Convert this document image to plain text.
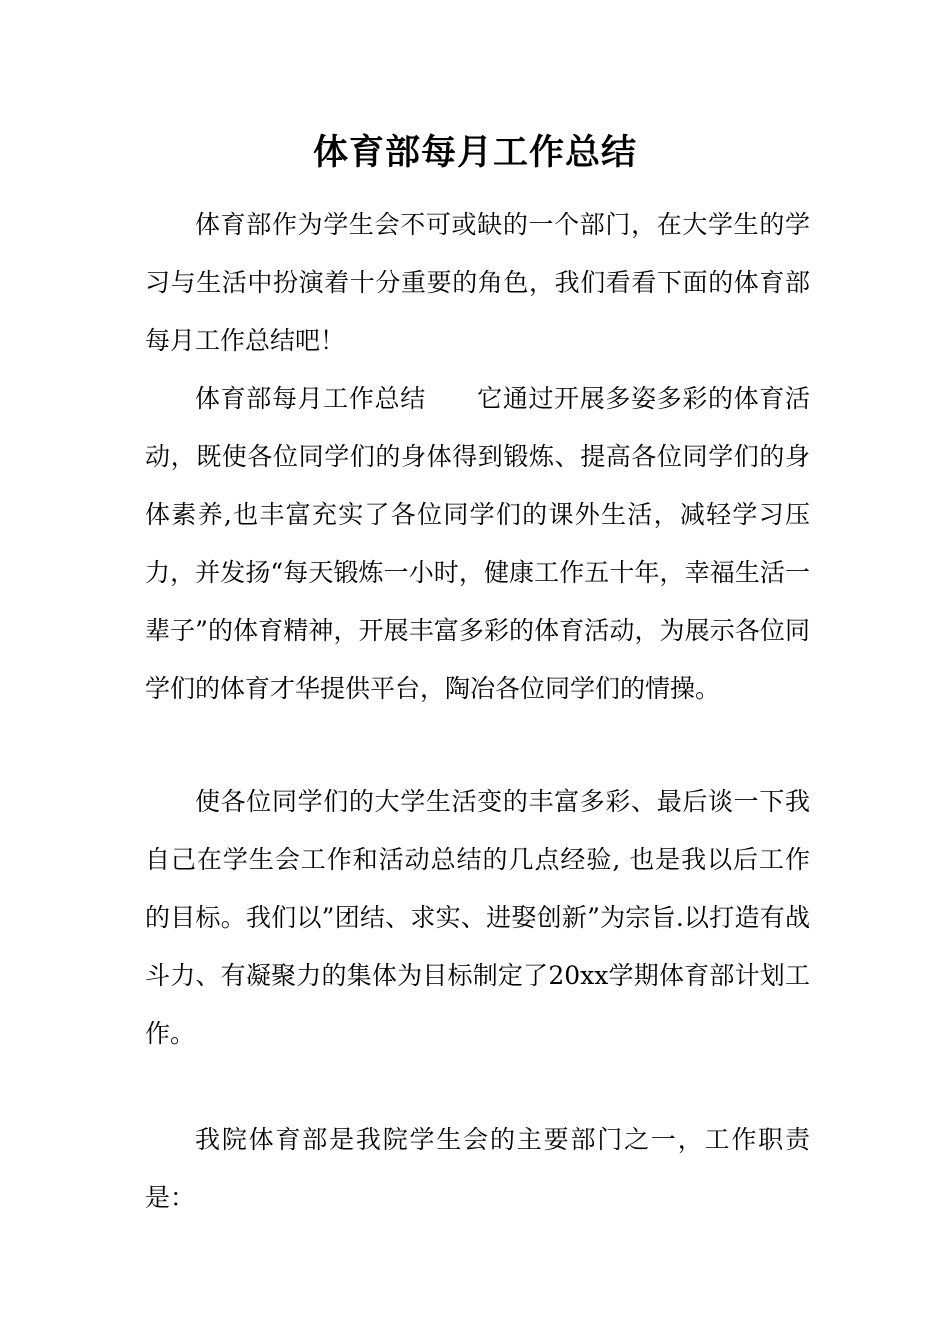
体育部每月工作总结

体育部作为学生会不可或缺的一个部门，在大学生的学习与生活中扮演着十分重要的角色，我们看看下面的体育部每月工作总结吧！

体育部每月工作总结　　它通过开展多姿多彩的体育活动，既使各位同学们的身体得到锻炼、提高各位同学们的身体素养,也丰富充实了各位同学们的课外生活，减轻学习压力，并发扬“每天锻炼一小时，健康工作五十年，幸福生活一辈子”的体育精神，开展丰富多彩的体育活动，为展示各位同学们的体育才华提供平台，陶冶各位同学们的情操。

使各位同学们的大学生活变的丰富多彩、最后谈一下我自己在学生会工作和活动总结的几点经验, 也是我以后工作的目标。我们以”团结、求实、进娶创新”为宗旨.以打造有战斗力、有凝聚力的集体为目标制定了20xx学期体育部计划工作。

我院体育部是我院学生会的主要部门之一，工作职责是：
